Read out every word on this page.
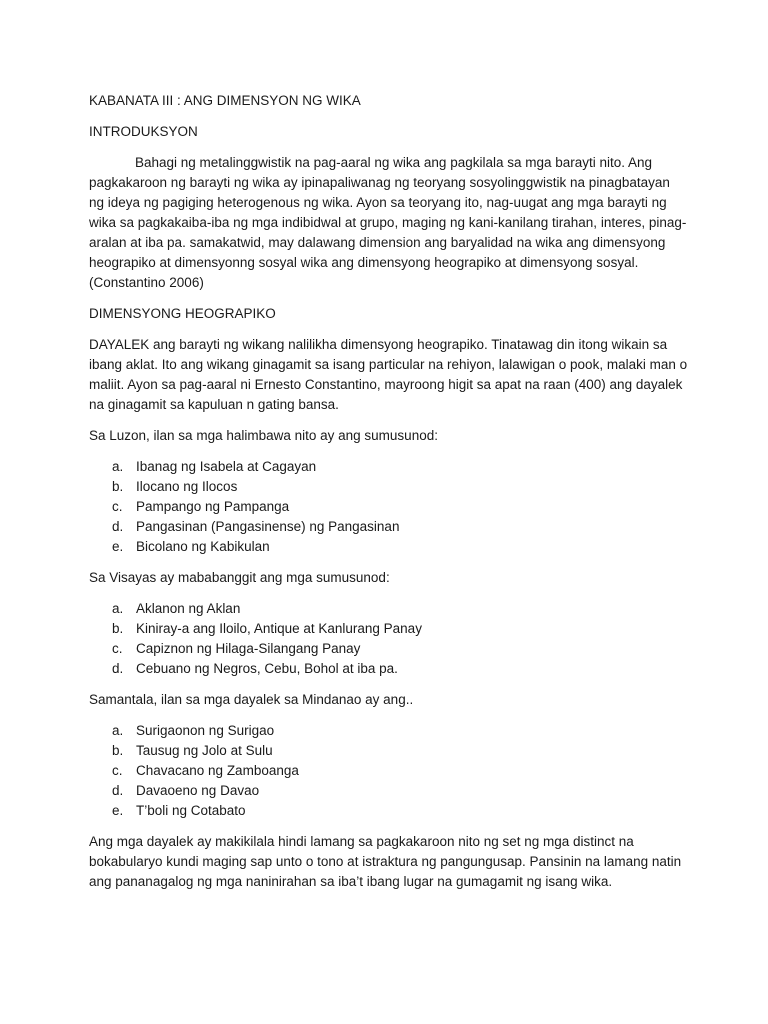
KABANATA III : ANG DIMENSYON NG WIKA
INTRODUKSYON

Bahagi ng metalinggwistik na pag-aaral ng wika ang pagkilala sa mga barayti nito. Ang pagkakaroon ng barayti ng wika ay ipinapaliwanag ng teoryang sosyolinggwistik na pinagbatayan ng ideya ng pagiging heterogenous ng wika. Ayon sa teoryang ito, nag-uugat ang mga barayti ng wika sa pagkakaiba-iba ng mga indibidwal at grupo, maging ng kani-kanilang tirahan, interes, pinag-aralan at iba pa. samakatwid, may dalawang dimension ang baryalidad na wika ang dimensyong heograpiko at dimensyonng sosyal wika ang dimensyong heograpiko at dimensyong sosyal. (Constantino 2006)

DIMENSYONG HEOGRAPIKO

DAYALEK ang barayti ng wikang nalilikha dimensyong heograpiko. Tinatawag din itong wikain sa ibang aklat. Ito ang wikang ginagamit sa isang particular na rehiyon, lalawigan o pook, malaki man o maliit. Ayon sa pag-aaral ni Ernesto Constantino, mayroong higit sa apat na raan (400) ang dayalek na ginagamit sa kapuluan n gating bansa.

Sa Luzon, ilan sa mga halimbawa nito ay ang sumusunod:

a. Ibanag ng Isabela at Cagayan
b. Ilocano ng Ilocos
c. Pampango ng Pampanga
d. Pangasinan (Pangasinense) ng Pangasinan
e. Bicolano ng Kabikulan

Sa Visayas ay mababanggit ang mga sumusunod:

a. Aklanon ng Aklan
b. Kiniray-a ang Iloilo, Antique at Kanlurang Panay
c. Capiznon ng Hilaga-Silangang Panay
d. Cebuano ng Negros, Cebu, Bohol at iba pa.

Samantala, ilan sa mga dayalek sa Mindanao ay ang..

a. Surigaonon ng Surigao
b. Tausug ng Jolo at Sulu
c. Chavacano ng Zamboanga
d. Davaoeno ng Davao
e. T’boli ng Cotabato

Ang mga dayalek ay makikilala hindi lamang sa pagkakaroon nito ng set ng mga distinct na bokabularyo kundi maging sap unto o tono at istraktura ng pangungusap. Pansinin na lamang natin ang pananagalog ng mga naninirahan sa iba’t ibang lugar na gumagamit ng isang wika.
